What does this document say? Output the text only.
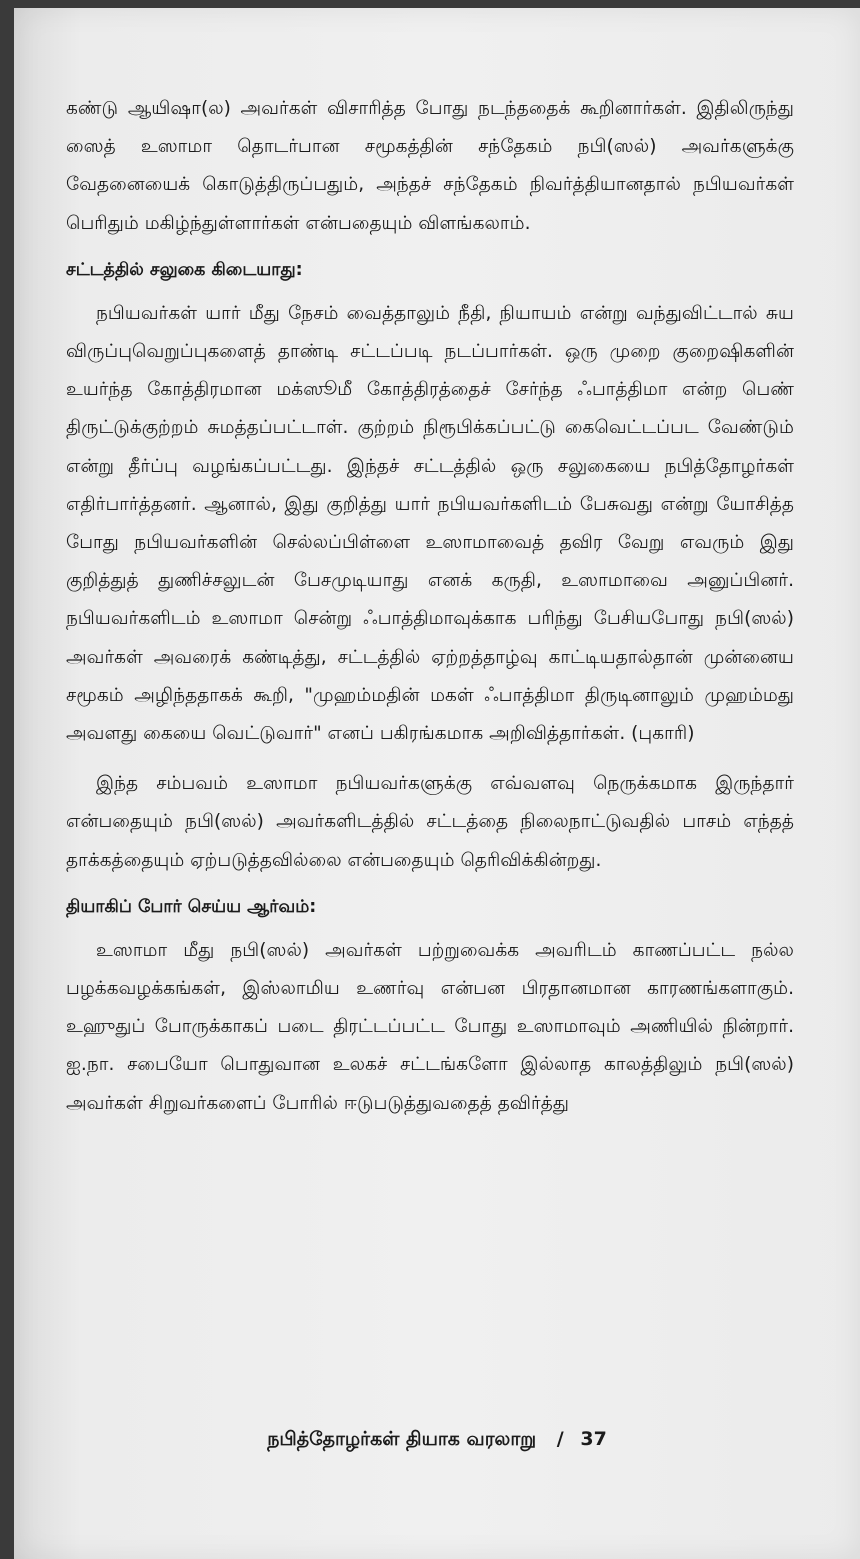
கண்டு ஆயிஷா(ல) அவர்கள் விசாரித்த போது நடந்ததைக் கூறினார்கள். இதிலிருந்து ஸைத் உஸாமா தொடர்பான சமூகத்தின் சந்தேகம் நபி(ஸல்) அவர்களுக்கு வேதனையைக் கொடுத்திருப்பதும், அந்தச் சந்தேகம் நிவர்த்தியானதால் நபியவர்கள் பெரிதும் மகிழ்ந்துள்ளார்கள் என்பதையும் விளங்கலாம்.

சட்டத்தில் சலுகை கிடையாது:

நபியவர்கள் யார் மீது நேசம் வைத்தாலும் நீதி, நியாயம் என்று வந்துவிட்டால் சுய விருப்புவெறுப்புகளைத் தாண்டி சட்டப்படி நடப்பார்கள். ஒரு முறை குறைஷிகளின் உயர்ந்த கோத்திரமான மக்ஸூமீ கோத்திரத்தைச் சேர்ந்த ஃபாத்திமா என்ற பெண் திருட்டுக்குற்றம் சுமத்தப்பட்டாள். குற்றம் நிரூபிக்கப்பட்டு கைவெட்டப்பட வேண்டும் என்று தீர்ப்பு வழங்கப்பட்டது. இந்தச் சட்டத்தில் ஒரு சலுகையை நபித்தோழர்கள் எதிர்பார்த்தனர். ஆனால், இது குறித்து யார் நபியவர்களிடம் பேசுவது என்று யோசித்த போது நபியவர்களின் செல்லப்பிள்ளை உஸாமாவைத் தவிர வேறு எவரும் இது குறித்துத் துணிச்சலுடன் பேசமுடியாது எனக் கருதி, உஸாமாவை அனுப்பினர். நபியவர்களிடம் உஸாமா சென்று ஃபாத்திமாவுக்காக பரிந்து பேசியபோது நபி(ஸல்) அவர்கள் அவரைக் கண்டித்து, சட்டத்தில் ஏற்றத்தாழ்வு காட்டியதால்தான் முன்னைய சமூகம் அழிந்ததாகக் கூறி, "முஹம்மதின் மகள் ஃபாத்திமா திருடினாலும் முஹம்மது அவளது கையை வெட்டுவார்" எனப் பகிரங்கமாக அறிவித்தார்கள். (புகாரி)

இந்த சம்பவம் உஸாமா நபியவர்களுக்கு எவ்வளவு நெருக்கமாக இருந்தார் என்பதையும் நபி(ஸல்) அவர்களிடத்தில் சட்டத்தை நிலைநாட்டுவதில் பாசம் எந்தத் தாக்கத்தையும் ஏற்படுத்தவில்லை என்பதையும் தெரிவிக்கின்றது.

தியாகிப் போர் செய்ய ஆர்வம்:

உஸாமா மீது நபி(ஸல்) அவர்கள் பற்றுவைக்க அவரிடம் காணப்பட்ட நல்ல பழக்கவழக்கங்கள், இஸ்லாமிய உணர்வு என்பன பிரதானமான காரணங்களாகும். உஹுதுப் போருக்காகப் படை திரட்டப்பட்ட போது உஸாமாவும் அணியில் நின்றார். ஐ.நா. சபையோ பொதுவான உலகச் சட்டங்களோ இல்லாத காலத்திலும் நபி(ஸல்) அவர்கள் சிறுவர்களைப் போரில் ஈடுபடுத்துவதைத் தவிர்த்து

நபித்தோழர்கள் தியாக வரலாறு / 37
